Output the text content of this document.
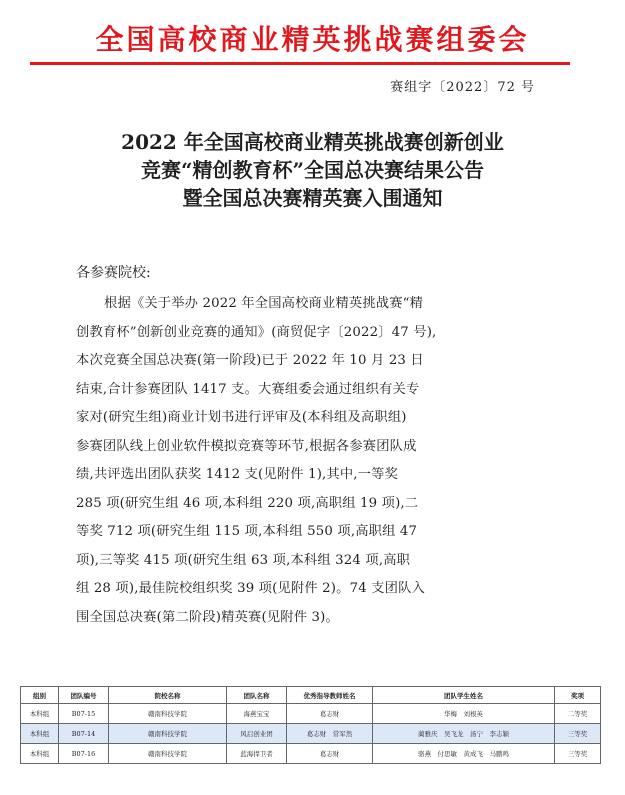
全国高校商业精英挑战赛组委会
赛组字〔2022〕72 号
2022 年全国高校商业精英挑战赛创新创业
竞赛“精创教育杯”全国总决赛结果公告
暨全国总决赛精英赛入围通知
各参赛院校:
根据《关于举办 2022 年全国高校商业精英挑战赛“精
创教育杯”创新创业竞赛的通知》(商贸促字〔2022〕47 号),
本次竞赛全国总决赛(第一阶段)已于 2022 年 10 月 23 日
结束,合计参赛团队 1417 支。大赛组委会通过组织有关专
家对(研究生组)商业计划书进行评审及(本科组及高职组)
参赛团队线上创业软件模拟竞赛等环节,根据各参赛团队成
绩,共评选出团队获奖 1412 支(见附件 1),其中,一等奖
285 项(研究生组 46 项,本科组 220 项,高职组 19 项),二
等奖 712 项(研究生组 115 项,本科组 550 项,高职组 47
项),三等奖 415 项(研究生组 63 项,本科组 324 项,高职
组 28 项),最佳院校组织奖 39 项(见附件 2)。74 支团队入
围全国总决赛(第二阶段)精英赛(见附件 3)。
组别	团队编号	院校名称	团队名称	优秀指导教师姓名	团队学生姓名	奖项
本科组	B07-15	赣南科技学院	海燕宝宝	葛志财	华梅　刘根英	二等奖
本科组	B07-14	赣南科技学院	风启创业团	葛志财　常军然	蔺雅庆　吴飞龙　汤宁　李志颖	三等奖
本科组	B07-16	赣南科技学院	蓝海捍卫者	葛志财	骆燕　付思敏　黄成飞　马鹏鸣	三等奖
